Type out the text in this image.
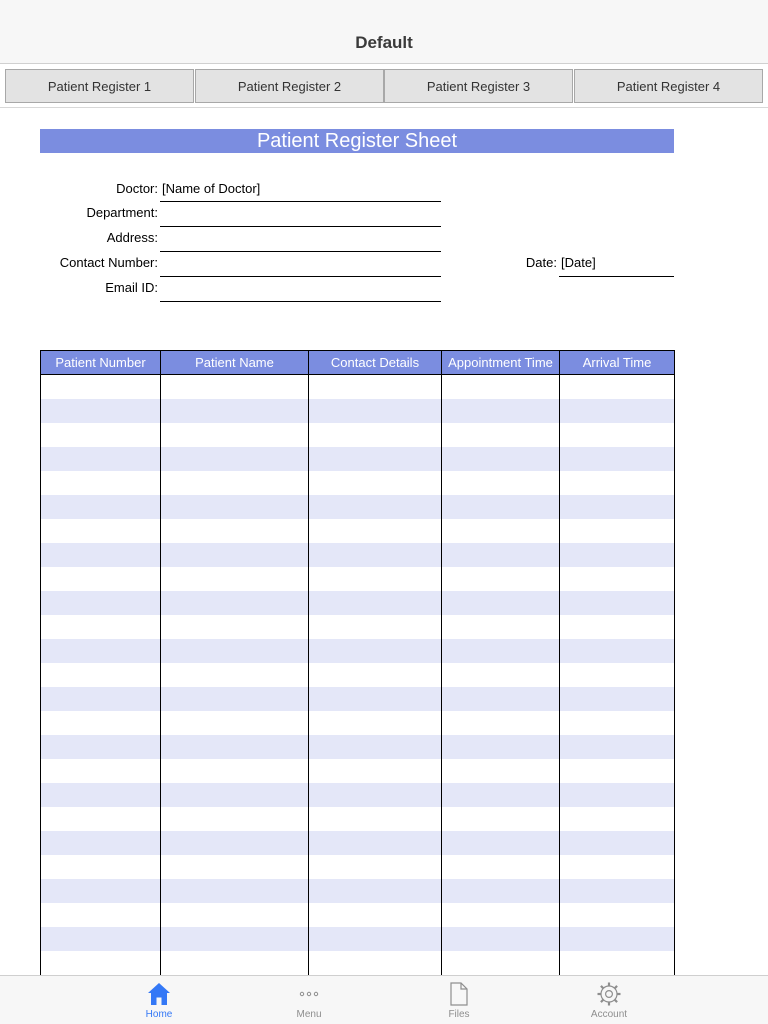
Default
Patient Register 1	Patient Register 2	Patient Register 3	Patient Register 4
Patient Register Sheet
Doctor: [Name of Doctor]
Department:
Address:
Contact Number:
Email ID:
Date: [Date]
Patient Number	Patient Name	Contact Details	Appointment Time	Arrival Time
Home	Menu	Files	Account
